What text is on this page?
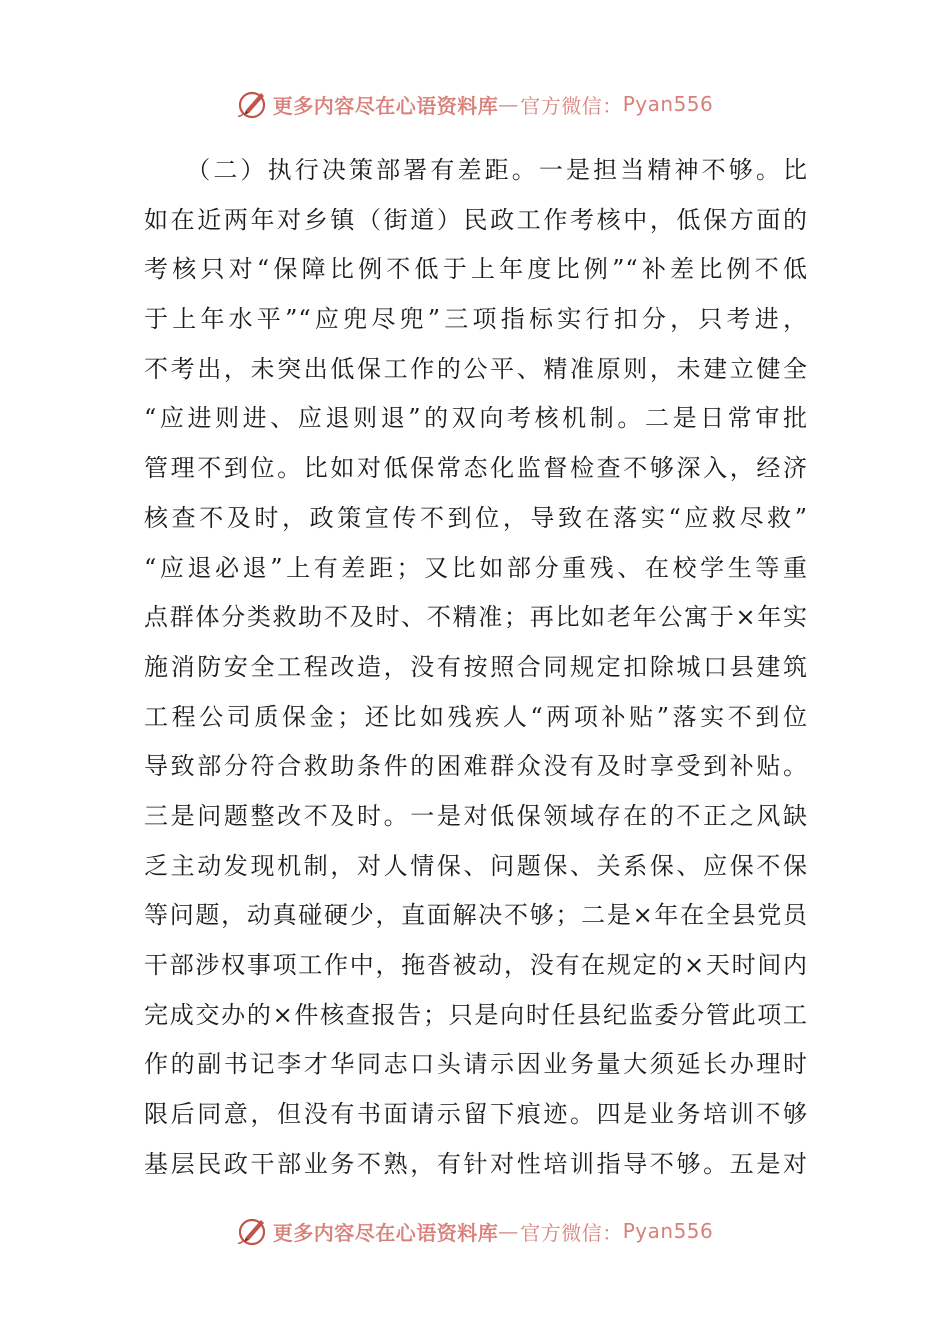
更多内容尽在心语资料库 — 官方微信： Pyan556
　　（二）执行决策部署有差距。一是担当精神不够。比
如在近两年对乡镇（街道）民政工作考核中，低保方面的
考核只对“保障比例不低于上年度比例”“补差比例不低
于上年水平”“应兜尽兜”三项指标实行扣分，只考进，
不考出，未突出低保工作的公平、精准原则，未建立健全
“应进则进、应退则退”的双向考核机制。二是日常审批
管理不到位。比如对低保常态化监督检查不够深入，经济
核查不及时，政策宣传不到位，导致在落实“应救尽救”
“应退必退”上有差距；又比如部分重残、在校学生等重
点群体分类救助不及时、不精准；再比如老年公寓于×年实
施消防安全工程改造，没有按照合同规定扣除城口县建筑
工程公司质保金；还比如残疾人“两项补贴”落实不到位
导致部分符合救助条件的困难群众没有及时享受到补贴。
三是问题整改不及时。一是对低保领域存在的不正之风缺
乏主动发现机制，对人情保、问题保、关系保、应保不保
等问题，动真碰硬少，直面解决不够；二是×年在全县党员
干部涉权事项工作中，拖沓被动，没有在规定的×天时间内
完成交办的×件核查报告；只是向时任县纪监委分管此项工
作的副书记李才华同志口头请示因业务量大须延长办理时
限后同意，但没有书面请示留下痕迹。四是业务培训不够
基层民政干部业务不熟，有针对性培训指导不够。五是对
更多内容尽在心语资料库 — 官方微信： Pyan556
